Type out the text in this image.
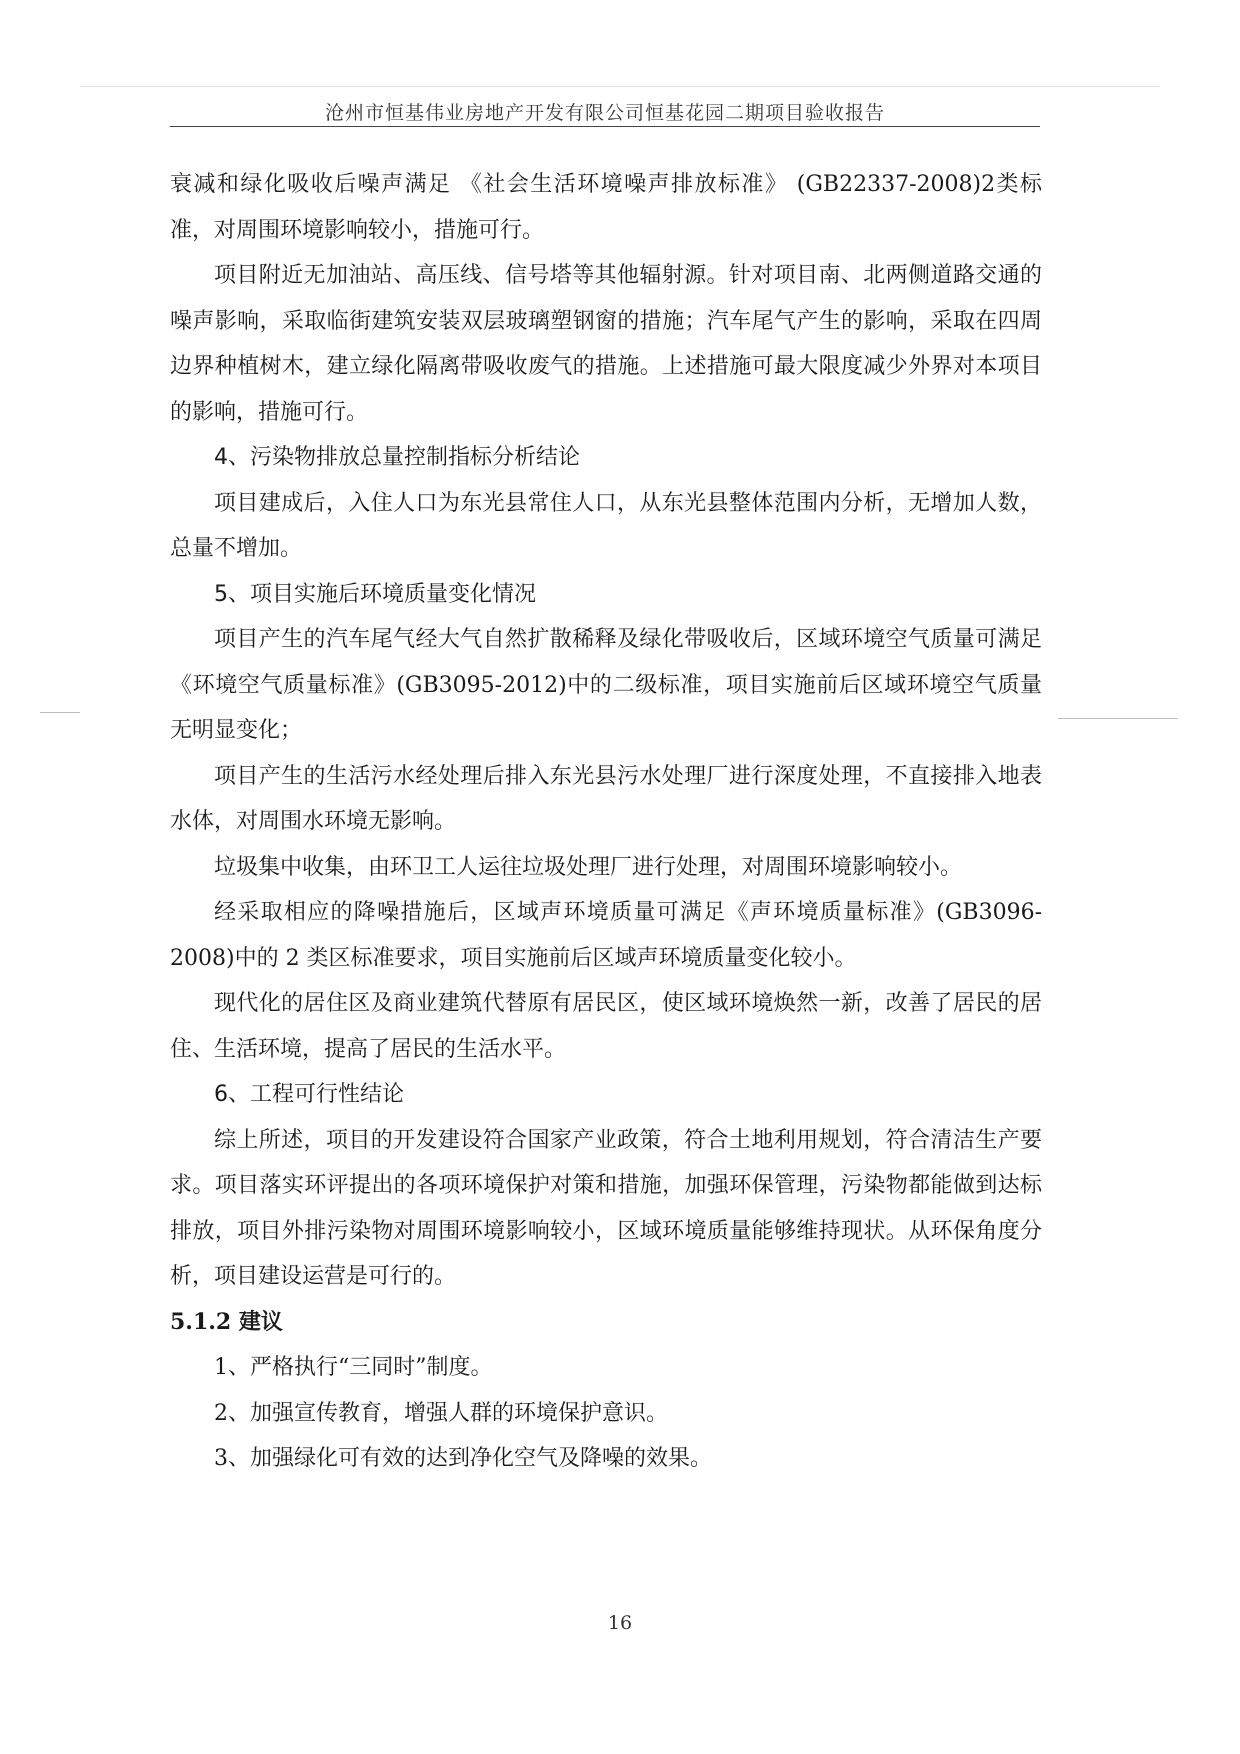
沧州市恒基伟业房地产开发有限公司恒基花园二期项目验收报告

衰减和绿化吸收后噪声满足 《社会生活环境噪声排放标准》 (GB22337-2008)2类标准，对周围环境影响较小，措施可行。

项目附近无加油站、高压线、信号塔等其他辐射源。针对项目南、北两侧道路交通的噪声影响，采取临街建筑安装双层玻璃塑钢窗的措施；汽车尾气产生的影响，采取在四周边界种植树木，建立绿化隔离带吸收废气的措施。上述措施可最大限度减少外界对本项目的影响，措施可行。

4、污染物排放总量控制指标分析结论

项目建成后，入住人口为东光县常住人口，从东光县整体范围内分析，无增加人数，总量不增加。

5、项目实施后环境质量变化情况

项目产生的汽车尾气经大气自然扩散稀释及绿化带吸收后，区域环境空气质量可满足《环境空气质量标准》(GB3095-2012)中的二级标准，项目实施前后区域环境空气质量无明显变化；

项目产生的生活污水经处理后排入东光县污水处理厂进行深度处理，不直接排入地表水体，对周围水环境无影响。

垃圾集中收集，由环卫工人运往垃圾处理厂进行处理，对周围环境影响较小。

经采取相应的降噪措施后，区域声环境质量可满足《声环境质量标准》(GB3096-2008)中的 2 类区标准要求，项目实施前后区域声环境质量变化较小。

现代化的居住区及商业建筑代替原有居民区，使区域环境焕然一新，改善了居民的居住、生活环境，提高了居民的生活水平。

6、工程可行性结论

综上所述，项目的开发建设符合国家产业政策，符合土地利用规划，符合清洁生产要求。项目落实环评提出的各项环境保护对策和措施，加强环保管理，污染物都能做到达标排放，项目外排污染物对周围环境影响较小，区域环境质量能够维持现状。从环保角度分析，项目建设运营是可行的。

5.1.2 建议

1、严格执行“三同时”制度。

2、加强宣传教育，增强人群的环境保护意识。

3、加强绿化可有效的达到净化空气及降噪的效果。

16
